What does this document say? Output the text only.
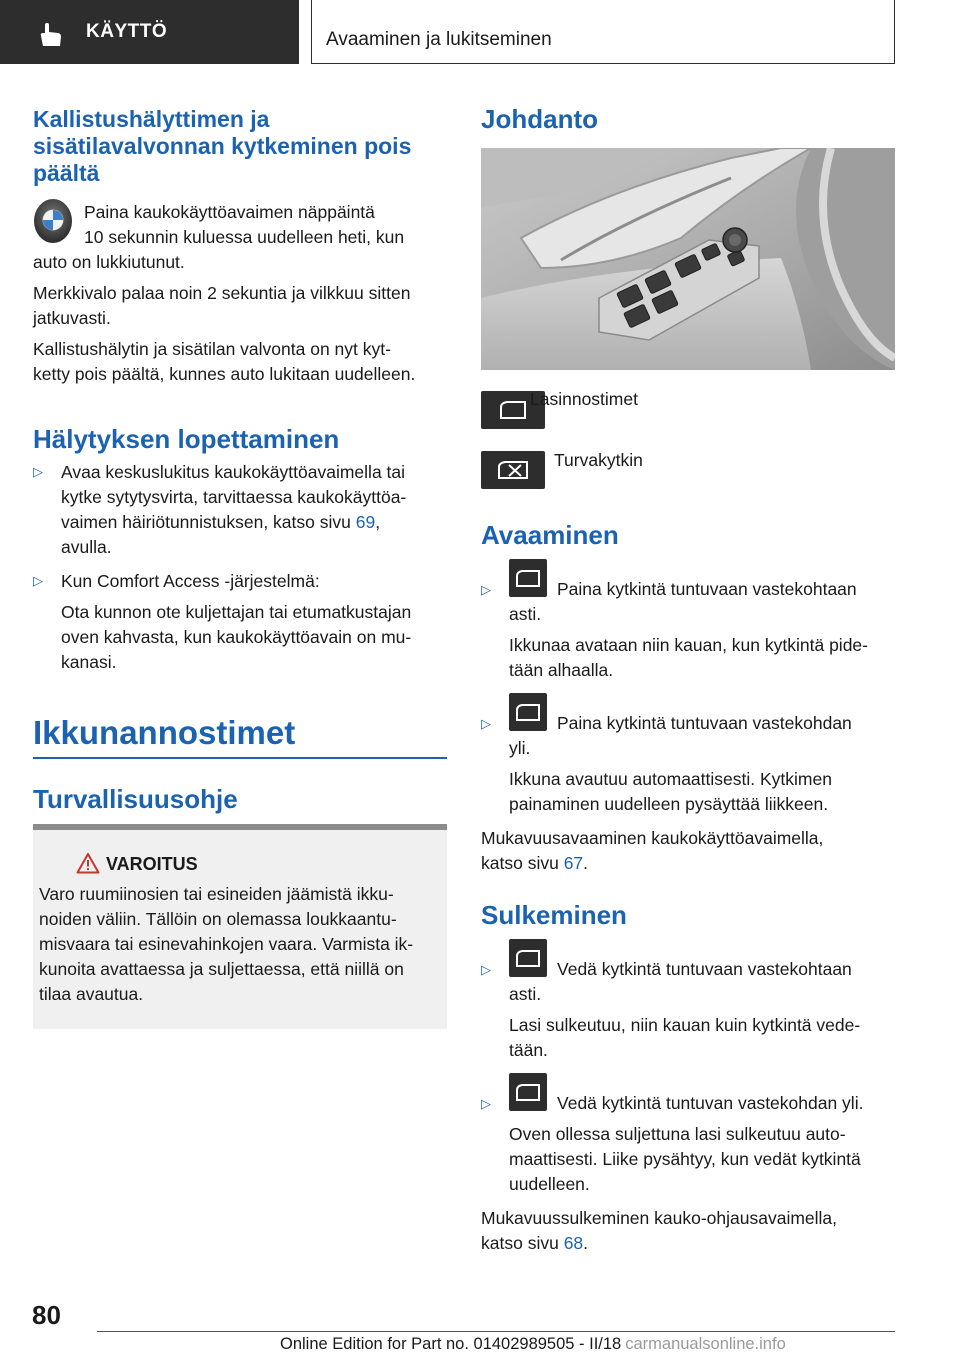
KÄYTTÖ	Avaaminen ja lukitseminen
Kallistushälyttimen ja
sisätilavalvonnan kytkeminen pois
päältä

Paina kaukokäyttöavaimen näppäintä

10 sekunnin kuluessa uudelleen heti, kun

auto on lukkiutunut.

Merkkivalo palaa noin 2 sekuntia ja vilkkuu sitten

jatkuvasti.

Kallistushälytin ja sisätilan valvonta on nyt kyt‐

ketty pois päältä, kunnes auto lukitaan uudelleen.

Hälytyksen lopettaminen
▷ Avaa keskuslukitus kaukokäyttöavaimella tai

kytke sytytysvirta, tarvittaessa kaukokäyttöa‐

vaimen häiriötunnistuksen, katso sivu 69,

avulla.

▷ Kun Comfort Access -järjestelmä:

Ota kunnon ote kuljettajan tai etumatkustajan

oven kahvasta, kun kaukokäyttöavain on mu‐

kanasi.

Ikkunannostimet
Turvallisuusohje
VAROITUS
Varo ruumiinosien tai esineiden jäämistä ikku‐
noiden väliin. Tällöin on olemassa loukkaantu‐
misvaara tai esinevahinkojen vaara. Varmista ik‐
kunoita avattaessa ja suljettaessa, että niillä on
tilaa avautua.
Johdanto

Lasinnostimet

Turvakytkin

Avaaminen
▷	Paina kytkintä tuntuvaan vastekohtaan

asti.

Ikkunaa avataan niin kauan, kun kytkintä pide‐

tään alhaalla.

▷	Paina kytkintä tuntuvaan vastekohdan

yli.

Ikkuna avautuu automaattisesti. Kytkimen

painaminen uudelleen pysäyttää liikkeen.

Mukavuusavaaminen kaukokäyttöavaimella,

katso sivu 67.

Sulkeminen
▷	Vedä kytkintä tuntuvaan vastekohtaan

asti.

Lasi sulkeutuu, niin kauan kuin kytkintä vede‐

tään.

▷	Vedä kytkintä tuntuvan vastekohdan yli.

Oven ollessa suljettuna lasi sulkeutuu auto‐

maattisesti. Liike pysähtyy, kun vedät kytkintä

uudelleen.

Mukavuussulkeminen kauko-ohjausavaimella,

katso sivu 68.

80
Online Edition for Part no. 01402989505 - II/18 carmanualsonline.info
